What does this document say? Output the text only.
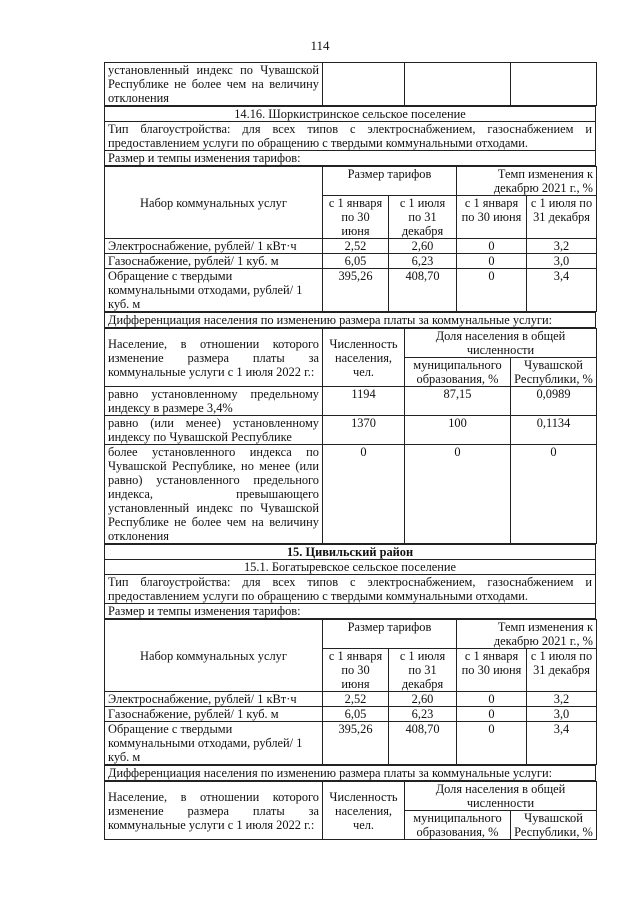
114
установленный индекс по Чувашской Республике не более чем на величину отклонения			
14.16. Шоркистринское сельское поселение
Тип благоустройства: для всех типов с электроснабжением, газоснабжением и предоставлением услуги по обращению с твердыми коммунальными отходами.
Размер и темпы изменения тарифов:
Набор коммунальных услуг	Размер тарифов		Темп изменения к декабрю 2021 г., %	
	с 1 января по 30 июня	с 1 июля по 31 декабря	с 1 января по 30 июня	с 1 июля по 31 декабря
Электроснабжение, рублей/ 1 кВт·ч	2,52	2,60	0	3,2
Газоснабжение, рублей/ 1 куб. м	6,05	6,23	0	3,0
Обращение с твердыми коммунальными отходами, рублей/ 1 куб. м	395,26	408,70	0	3,4
Дифференциация населения по изменению размера платы за коммунальные услуги:
Население, в отношении которого изменение размера платы за коммунальные услуги с 1 июля 2022 г.:	Численность населения, чел.	Доля населения в общей численности	
		муниципального образования, %	Чувашской Республики, %
равно установленному предельному индексу в размере 3,4%	1194	87,15	0,0989
равно (или менее) установленному индексу по Чувашской Республике	1370	100	0,1134
более установленного индекса по Чувашской Республике, но менее (или равно) установленного предельного индекса, превышающего установленный индекс по Чувашской Республике не более чем на величину отклонения	0	0	0
15. Цивильский район
15.1. Богатыревское сельское поселение
Тип благоустройства: для всех типов с электроснабжением, газоснабжением и предоставлением услуги по обращению с твердыми коммунальными отходами.
Размер и темпы изменения тарифов:
Набор коммунальных услуг	Размер тарифов		Темп изменения к декабрю 2021 г., %	
	с 1 января по 30 июня	с 1 июля по 31 декабря	с 1 января по 30 июня	с 1 июля по 31 декабря
Электроснабжение, рублей/ 1 кВт·ч	2,52	2,60	0	3,2
Газоснабжение, рублей/ 1 куб. м	6,05	6,23	0	3,0
Обращение с твердыми коммунальными отходами, рублей/ 1 куб. м	395,26	408,70	0	3,4
Дифференциация населения по изменению размера платы за коммунальные услуги:
Население, в отношении которого изменение размера платы за коммунальные услуги с 1 июля 2022 г.:	Численность населения, чел.	Доля населения в общей численности	
		муниципального образования, %	Чувашской Республики, %
